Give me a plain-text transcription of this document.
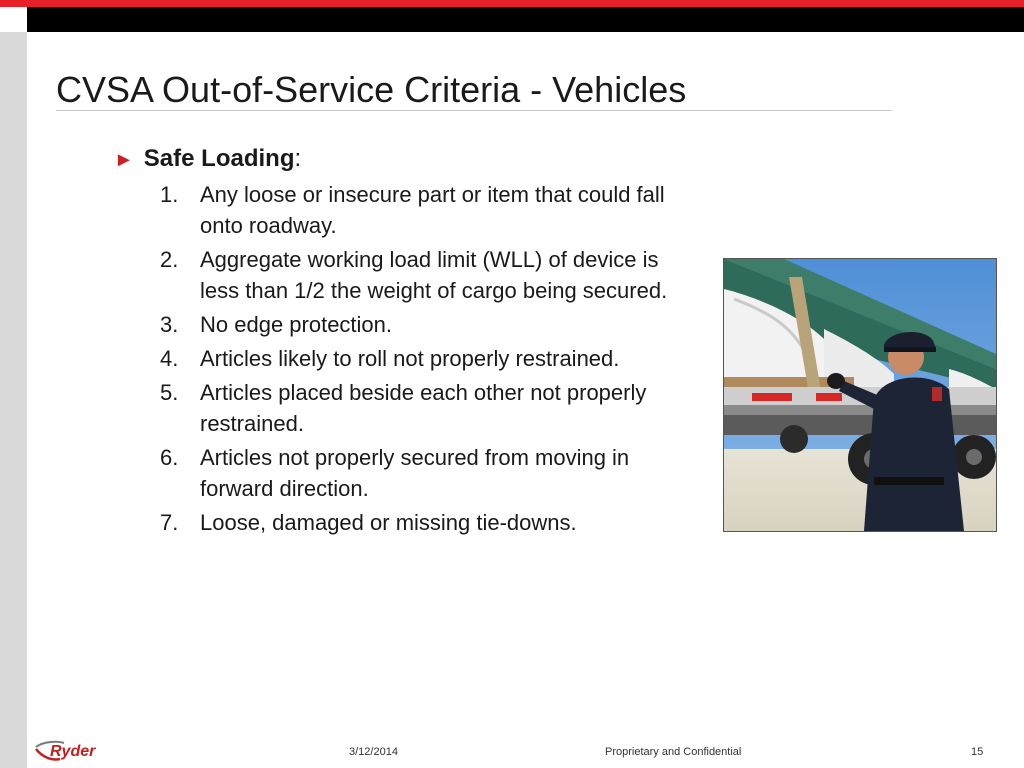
CVSA Out-of-Service Criteria - Vehicles
► Safe Loading:
1. Any loose or insecure part or item that could fall onto roadway.
2. Aggregate working load limit (WLL) of device is less than 1/2 the weight of cargo being secured.
3. No edge protection.
4. Articles likely to roll not properly restrained.
5. Articles placed beside each other not properly restrained.
6. Articles not properly secured from moving in forward direction.
7. Loose, damaged or missing tie-downs.
Ryder	3/12/2014	Proprietary and Confidential	15
